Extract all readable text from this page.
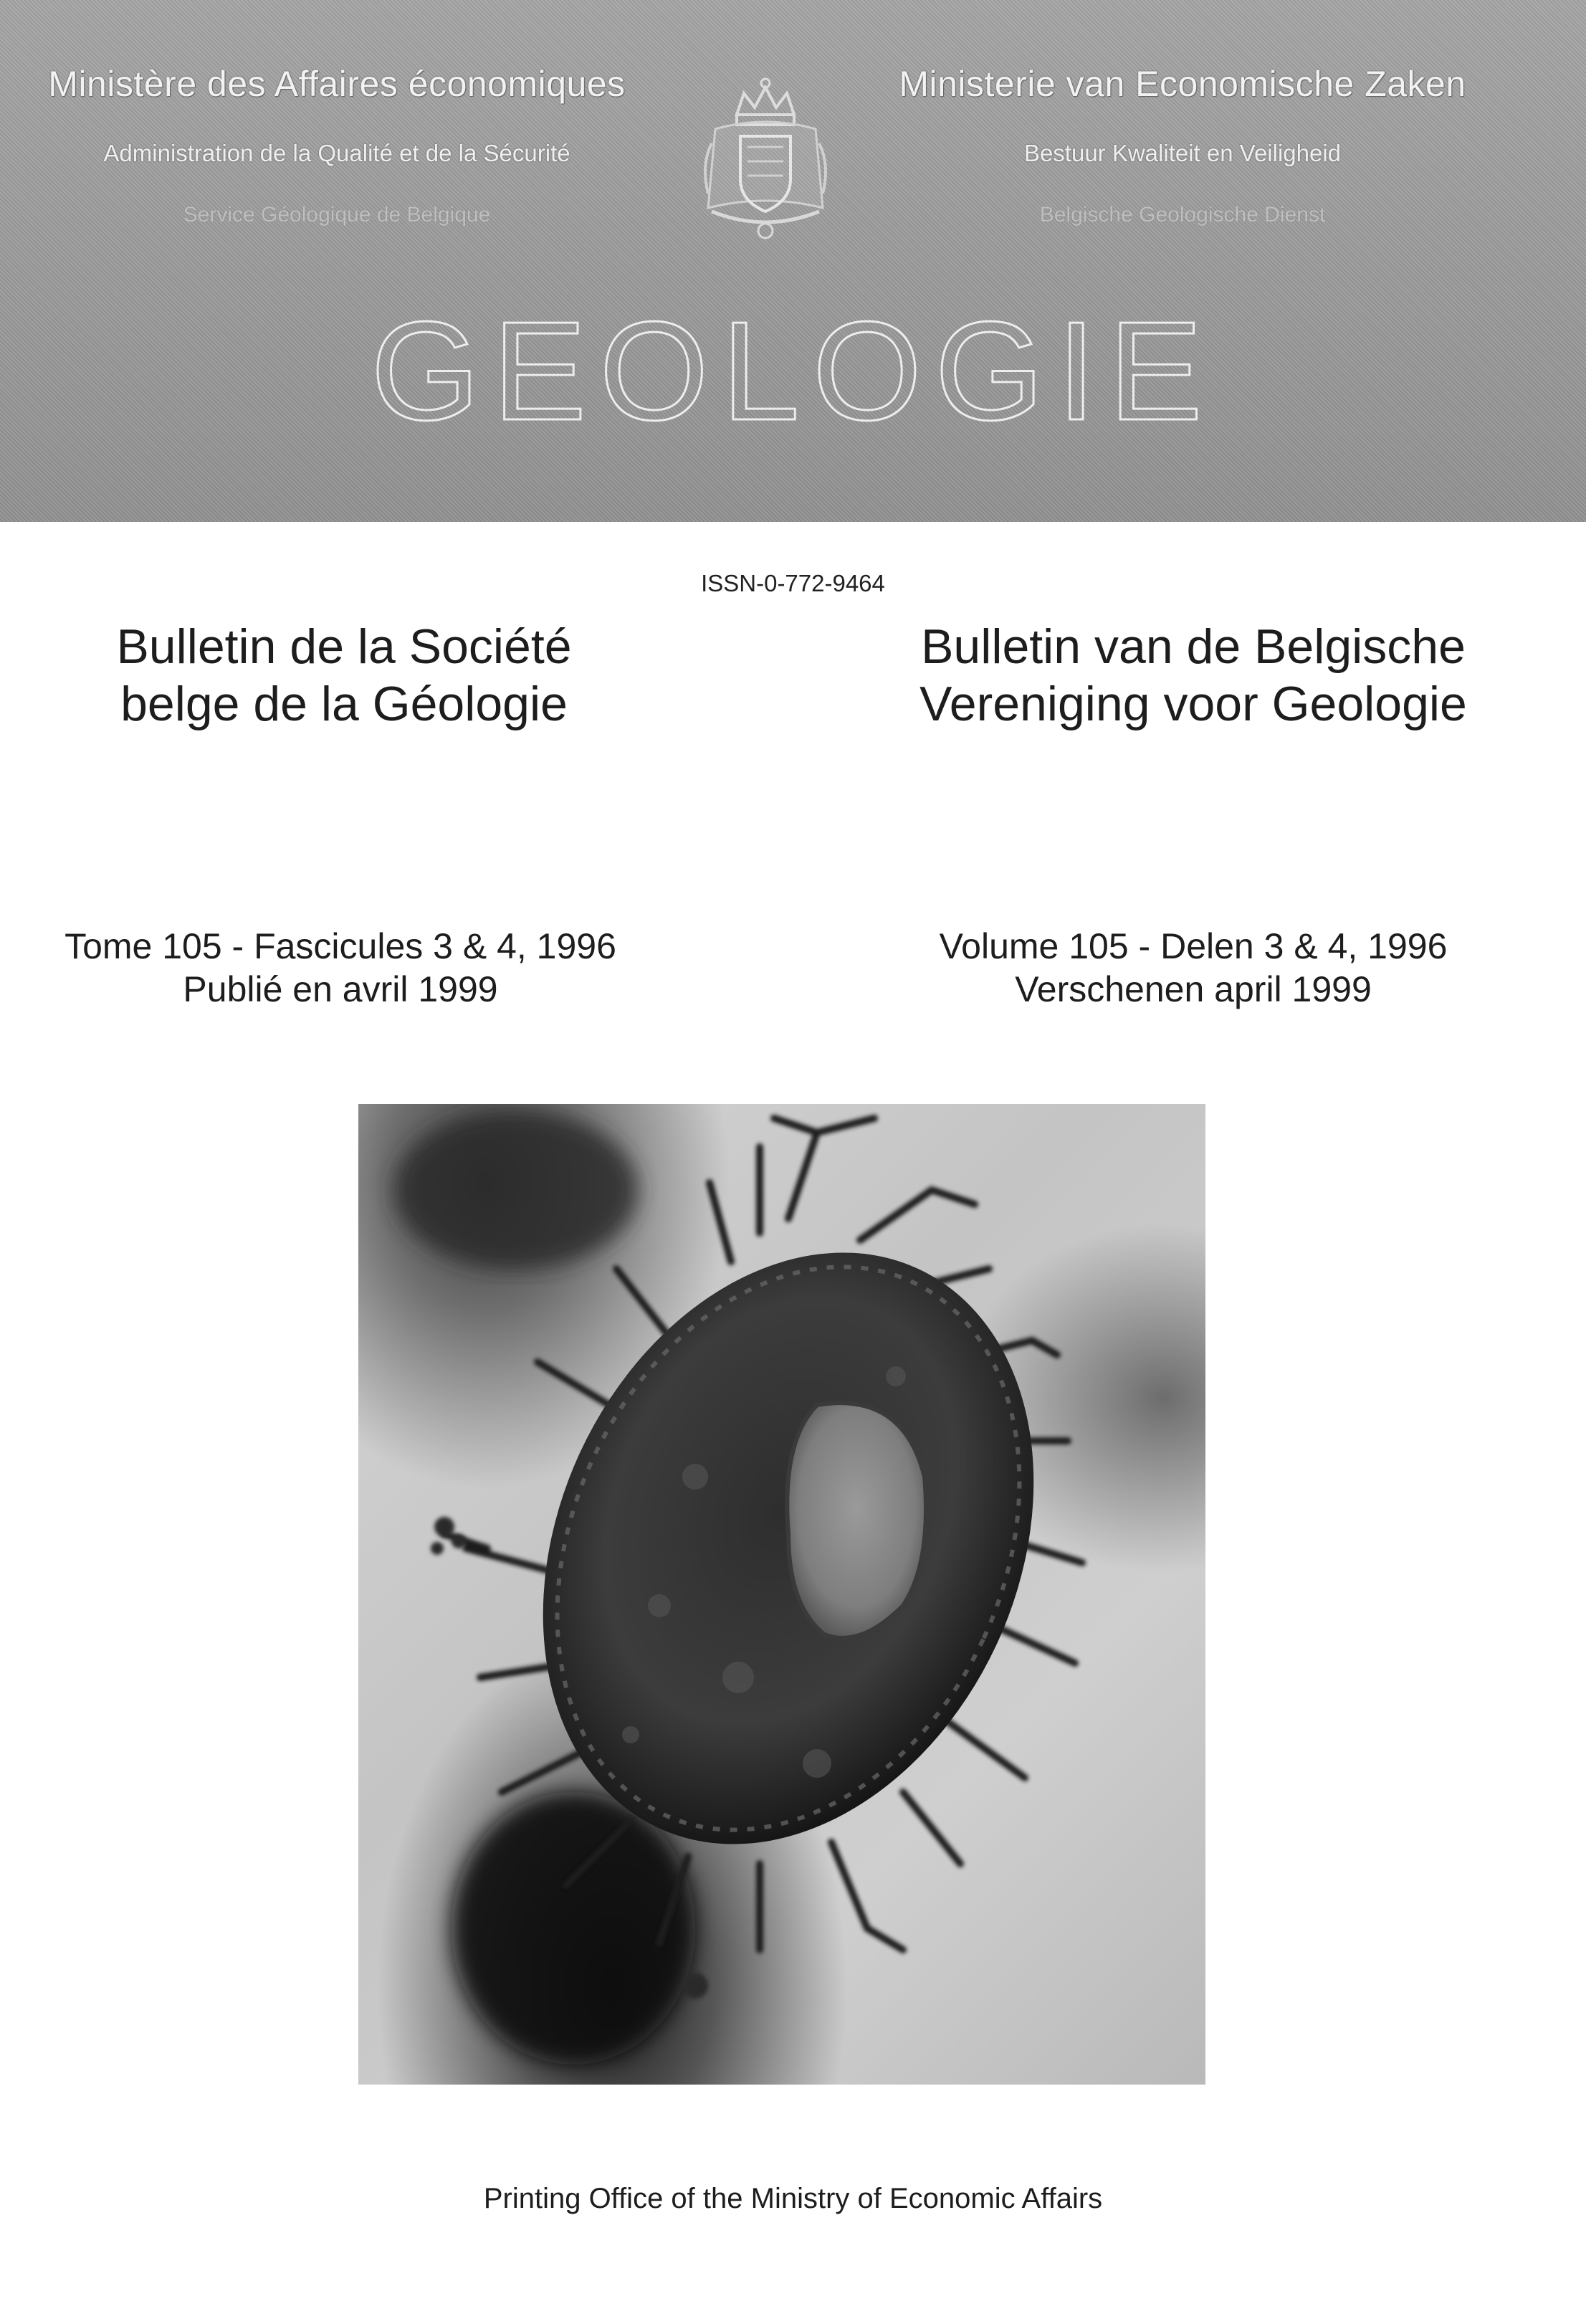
Ministère des Affaires économiques
Administration de la Qualité et de la Sécurité
Service Géologique de Belgique
Ministerie van Economische Zaken
Bestuur Kwaliteit en Veiligheid
Belgische Geologische Dienst
GEOLOGIE
ISSN-0-772-9464
Bulletin de la Société
belge de la Géologie
Bulletin van de Belgische
Vereniging voor Geologie
Tome 105 - Fascicules 3 & 4, 1996
Publié en avril 1999
Volume 105 - Delen 3 & 4, 1996
Verschenen april 1999
Printing Office of the Ministry of Economic Affairs
